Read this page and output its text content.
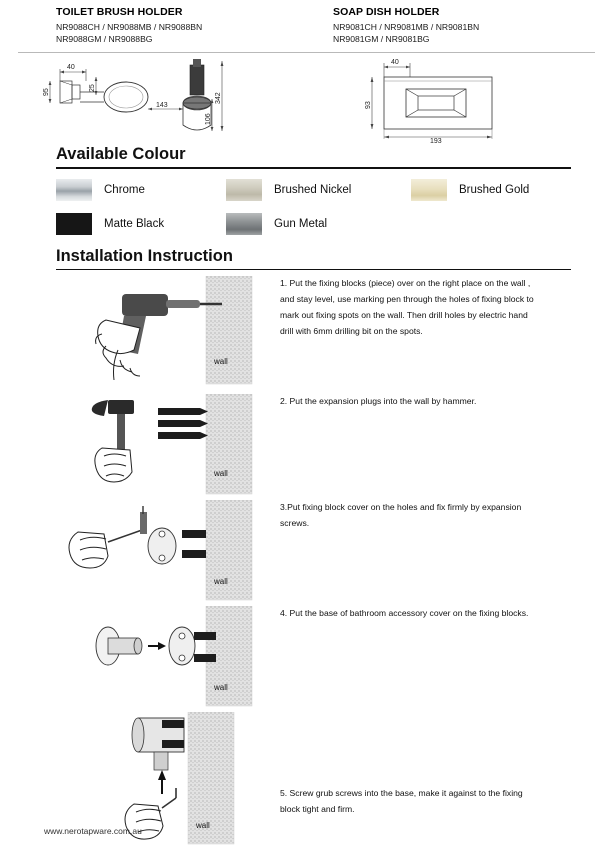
TOILET BRUSH HOLDER
NR9088CH / NR9088MB / NR9088BN
NR9088GM / NR9088BG
SOAP DISH HOLDER
NR9081CH / NR9081MB / NR9081BN
NR9081GM / NR9081BG
40
95
25
143
342
106
40
93
193
Available Colour
Chrome	Brushed Nickel	Brushed Gold
Matte Black	Gun Metal
Installation Instruction
wall
1. Put the fixing blocks (piece) over on the right place on the wall , and stay level, use marking pen through the holes of fixing block to mark out fixing spots on the wall. Then drill holes by electric hand drill with 6mm drilling bit on the spots.
wall
2. Put the expansion plugs into the wall by hammer.
wall
3.Put fixing block cover on the holes and fix firmly by expansion screws.
wall
4. Put the base of bathroom accessory cover on the fixing blocks.
wall
5. Screw grub screws into the base, make it against to the fixing block tight and firm.
www.nerotapware.com.au
